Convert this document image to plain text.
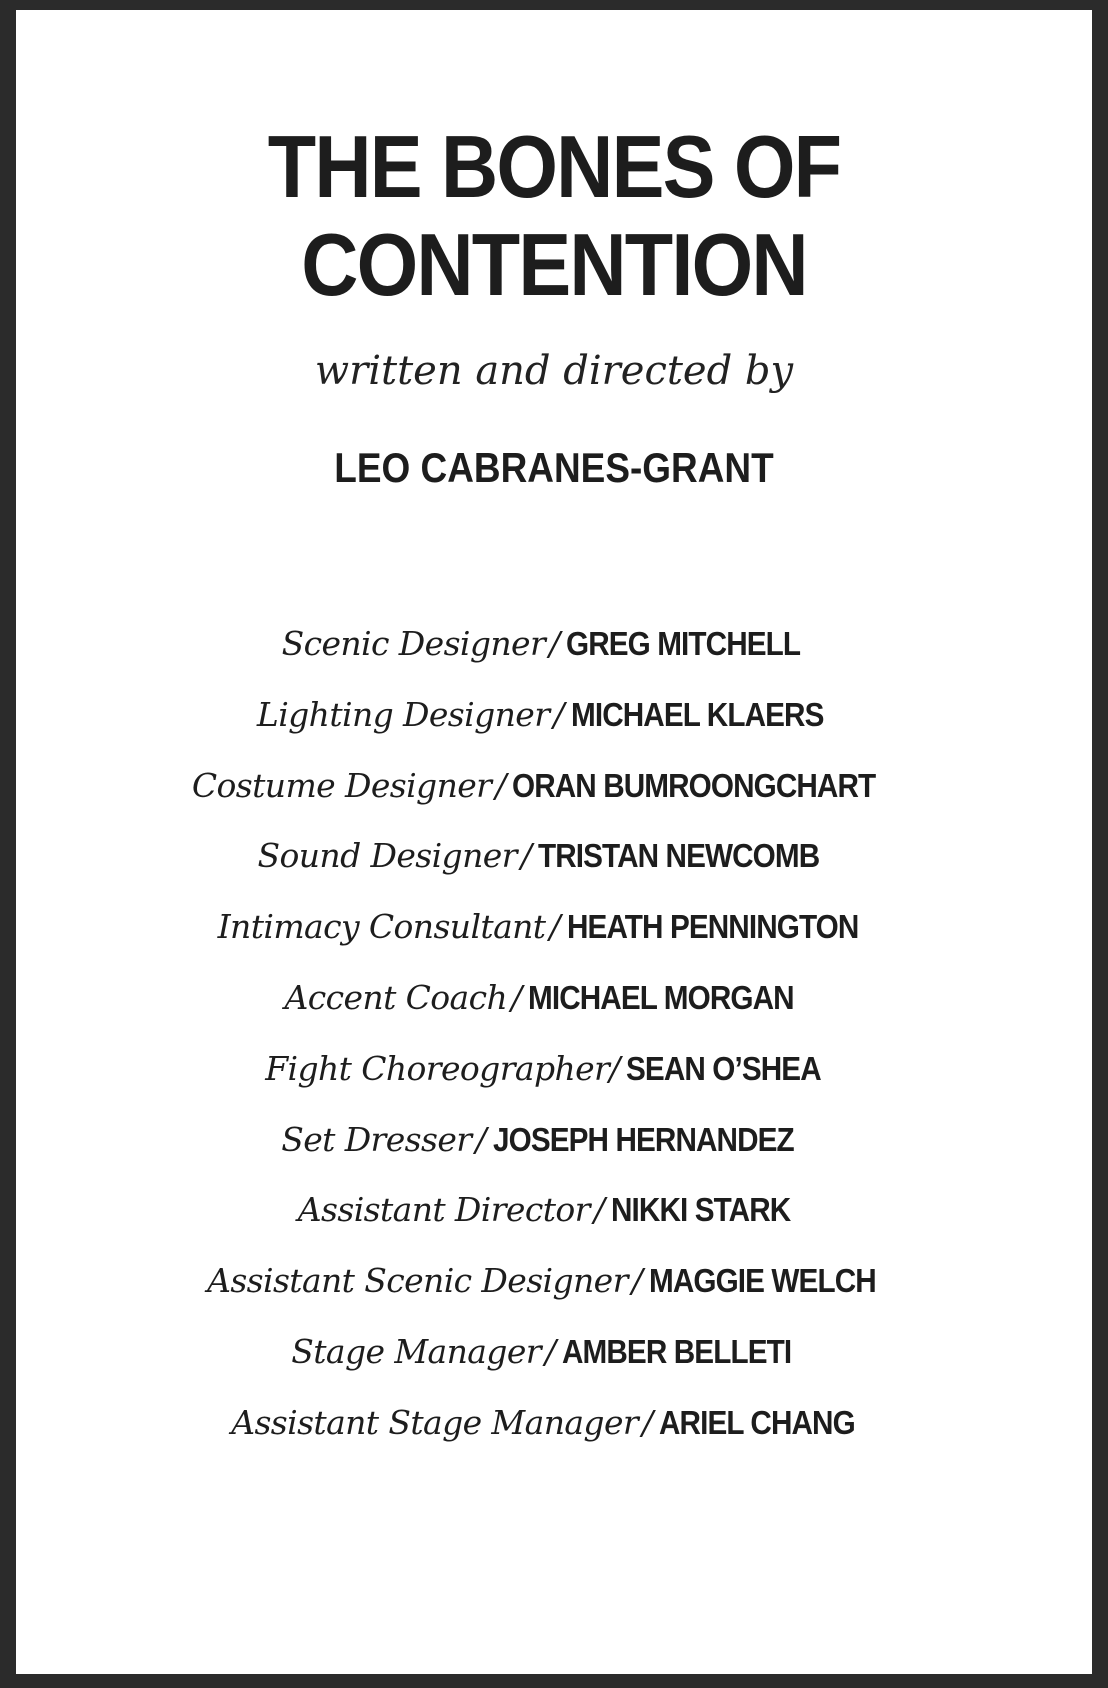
THE BONES OF
CONTENTION
written and directed by
LEO CABRANES-GRANT
Scenic Designer / GREG MITCHELL
Lighting Designer / MICHAEL KLAERS
Costume Designer / ORAN BUMROONGCHART
Sound Designer / TRISTAN NEWCOMB
Intimacy Consultant / HEATH PENNINGTON
Accent Coach / MICHAEL MORGAN
Fight Choreographer/ SEAN O’SHEA
Set Dresser / JOSEPH HERNANDEZ
Assistant Director / NIKKI STARK
Assistant Scenic Designer / MAGGIE WELCH
Stage Manager / AMBER BELLETI
Assistant Stage Manager / ARIEL CHANG
